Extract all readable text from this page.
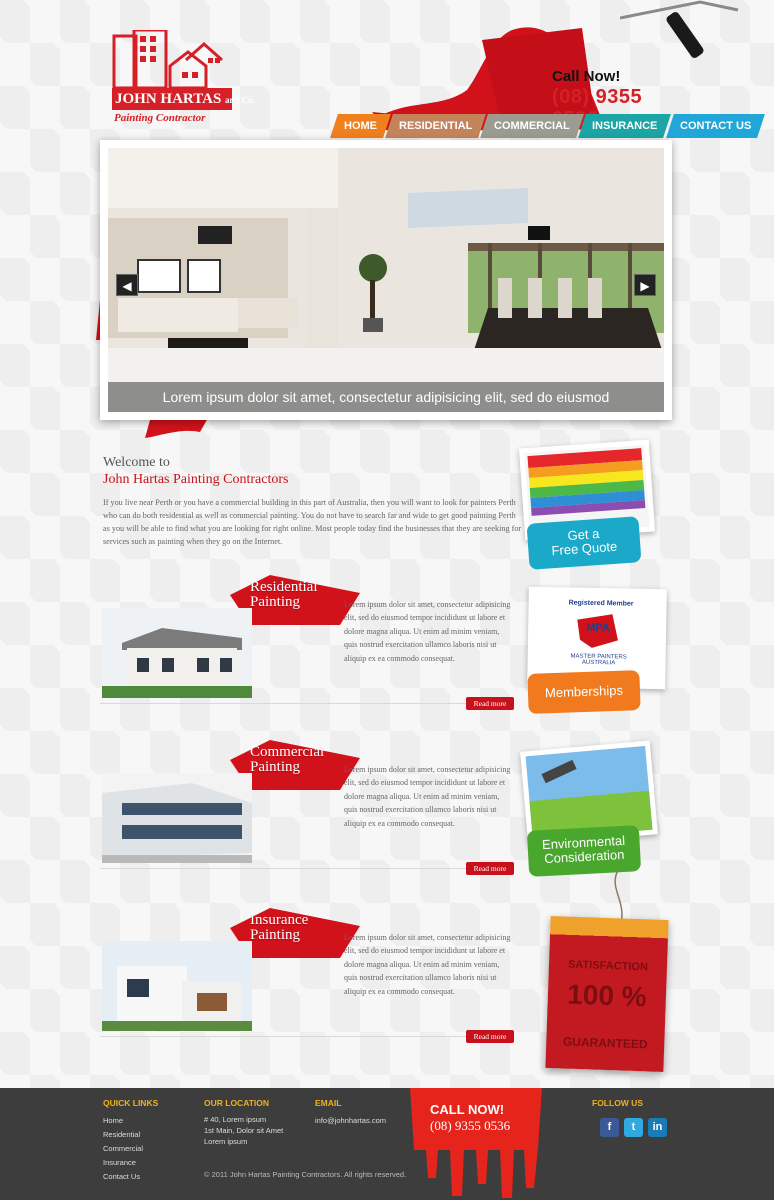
JOHN HARTAS and Co.
Painting Contractor
Call Now!
(08) 9355
HOME	RESIDENTIAL	COMMERCIAL	INSURANCE	CONTACT US
Lorem ipsum dolor sit amet, consectetur adipisicing elit, sed do eiusmod
◀	▶
Welcome to
John Hartas Painting Contractors

If you live near Perth or you have a commercial building in this part of Australia, then you will want to look for painters Perth who can do both residential as well as commercial painting. You do not have to search far and wide to get good painting Perth as you will be able to find what you are looking for right online. Most people today find the businesses that they are seeking for services such as painting when they go on the Internet.

Residential
Painting	Lorem ipsum dolor sit amet, consectetur adipisicing elit, sed do eiusmod tempor incididunt ut labore et dolore magna aliqua. Ut enim ad minim veniam, quis nostrud exercitation ullamco laboris nisi ut aliquip ex ea commodo consequat.

Read more
Commercial
Painting	Lorem ipsum dolor sit amet, consectetur adipisicing elit, sed do eiusmod tempor incididunt ut labore et dolore magna aliqua. Ut enim ad minim veniam, quis nostrud exercitation ullamco laboris nisi ut aliquip ex ea commodo consequat.

Read more
Insurance
Painting	Lorem ipsum dolor sit amet, consectetur adipisicing elit, sed do eiusmod tempor incididunt ut labore et dolore magna aliqua. Ut enim ad minim veniam, quis nostrud exercitation ullamco laboris nisi ut aliquip ex ea commodo consequat.

Read more
Get a
Free Quote
Registered Member
MPA
MASTER PAINTERS AUSTRALIA
Memberships
Environmental
Consideration
SATISFACTION
100 %
GUARANTEED
QUICK LINKS
Home
Residential
Commercial
Insurance
Contact Us
OUR LOCATION
# 40, Lorem ipsum
1st Main, Dolor sit Amet
Lorem ipsum
EMAIL
info@johnhartas.com
© 2011 John Hartas Painting Contractors. All rights reserved.
CALL NOW!
(08) 9355 0536
FOLLOW US
f	t	in
